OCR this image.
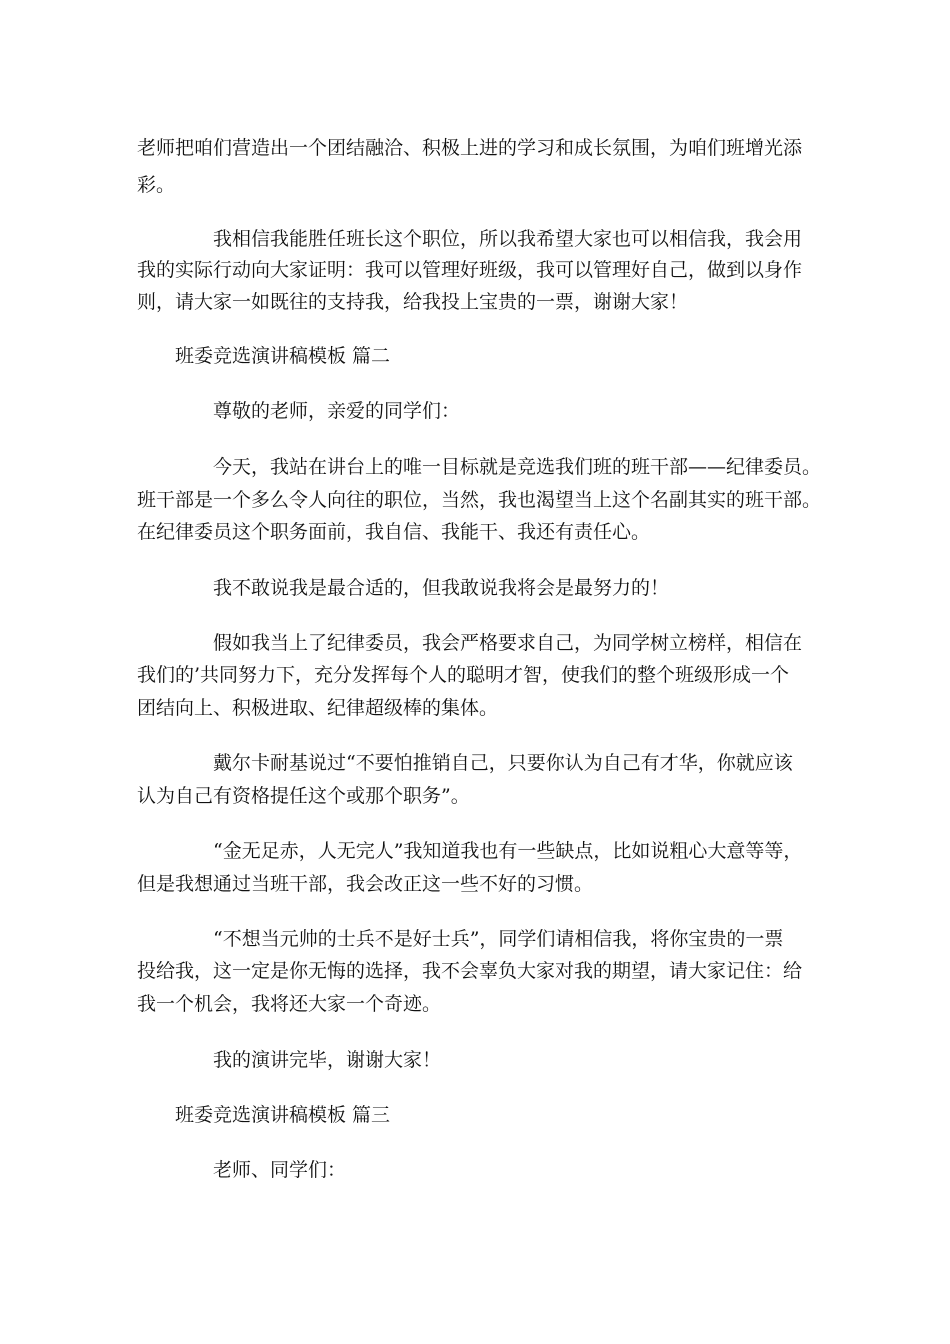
老师把咱们营造出一个团结融洽、积极上进的学习和成长氛围，为咱们班增光添
彩。
我相信我能胜任班长这个职位，所以我希望大家也可以相信我，我会用
我的实际行动向大家证明：我可以管理好班级，我可以管理好自己，做到以身作
则，请大家一如既往的支持我，给我投上宝贵的一票，谢谢大家！
班委竞选演讲稿模板 篇二
尊敬的老师，亲爱的同学们：
今天，我站在讲台上的唯一目标就是竞选我们班的班干部——纪律委员。
班干部是一个多么令人向往的职位，当然，我也渴望当上这个名副其实的班干部。
在纪律委员这个职务面前，我自信、我能干、我还有责任心。
我不敢说我是最合适的，但我敢说我将会是最努力的！
假如我当上了纪律委员，我会严格要求自己，为同学树立榜样，相信在
我们的’共同努力下，充分发挥每个人的聪明才智，使我们的整个班级形成一个
团结向上、积极进取、纪律超级棒的集体。
戴尔卡耐基说过“不要怕推销自己，只要你认为自己有才华，你就应该
认为自己有资格提任这个或那个职务”。
“金无足赤，人无完人”我知道我也有一些缺点，比如说粗心大意等等，
但是我想通过当班干部，我会改正这一些不好的习惯。
“不想当元帅的士兵不是好士兵”，同学们请相信我，将你宝贵的一票
投给我，这一定是你无悔的选择，我不会辜负大家对我的期望，请大家记住：给
我一个机会，我将还大家一个奇迹。
我的演讲完毕，谢谢大家！
班委竞选演讲稿模板 篇三
老师、同学们：
